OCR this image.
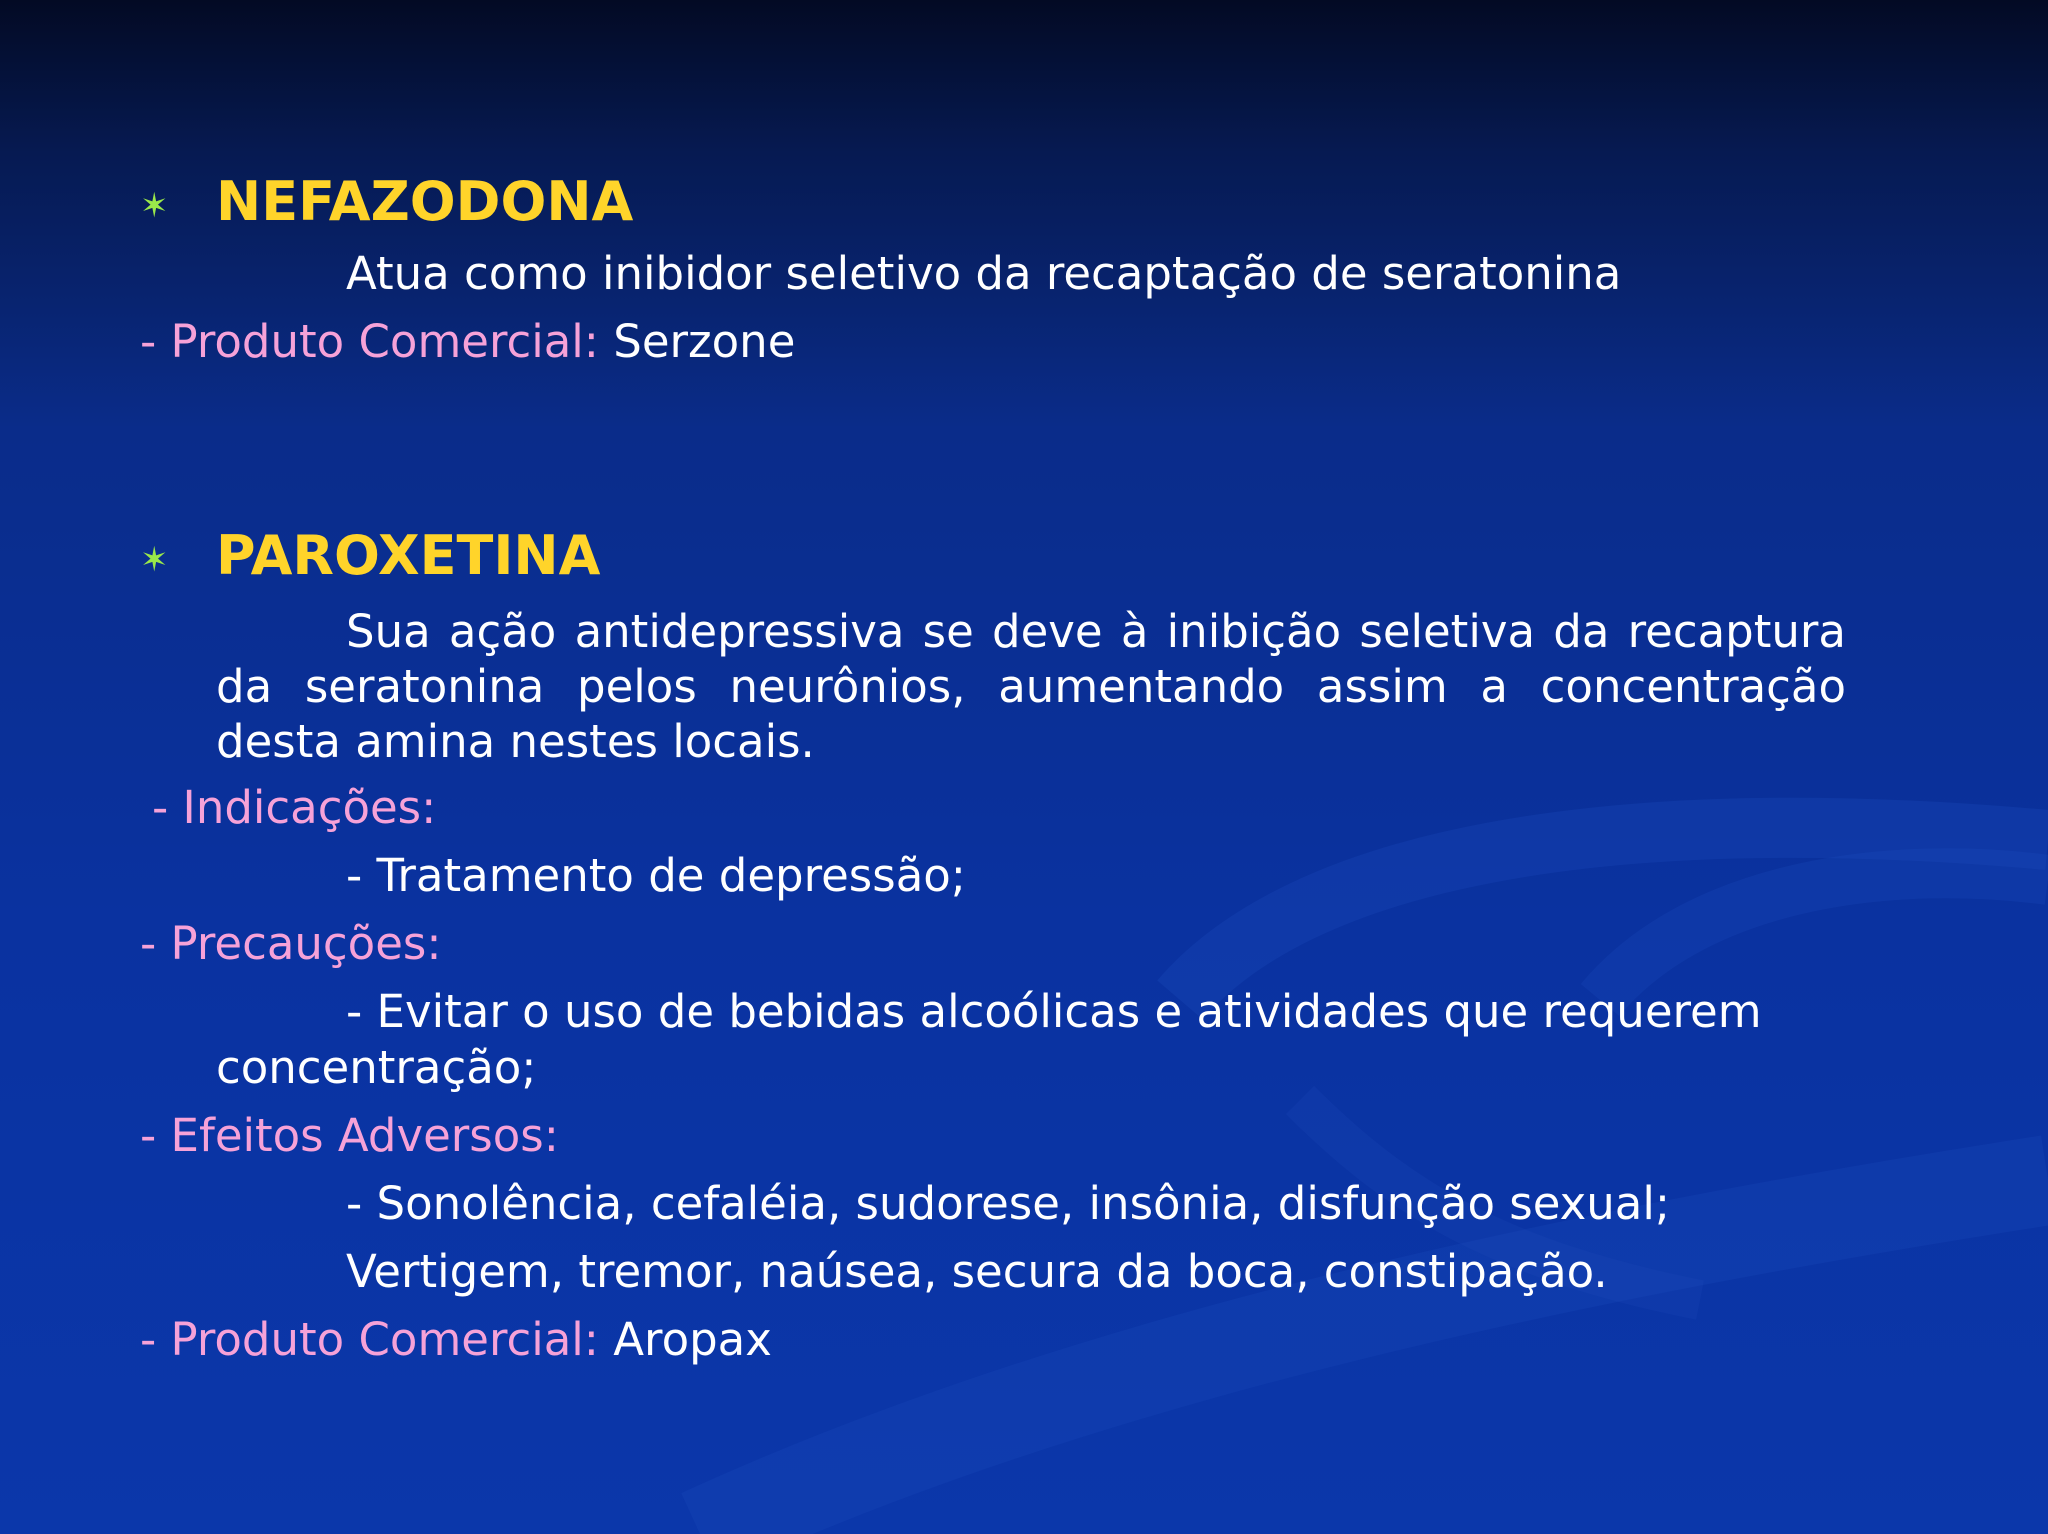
✶ NEFAZODONA
Atua como inibidor seletivo da recaptação de seratonina
- Produto Comercial: Serzone
✶ PAROXETINA
Sua ação antidepressiva se deve à inibição seletiva da recaptura da seratonina pelos neurônios, aumentando assim a concentração desta amina nestes locais.
- Indicações:
- Tratamento de depressão;
- Precauções:
- Evitar o uso de bebidas alcoólicas e atividades que requerem
concentração;
- Efeitos Adversos:
- Sonolência, cefaléia, sudorese, insônia, disfunção sexual;
Vertigem, tremor, naúsea, secura da boca, constipação.
- Produto Comercial: Aropax
